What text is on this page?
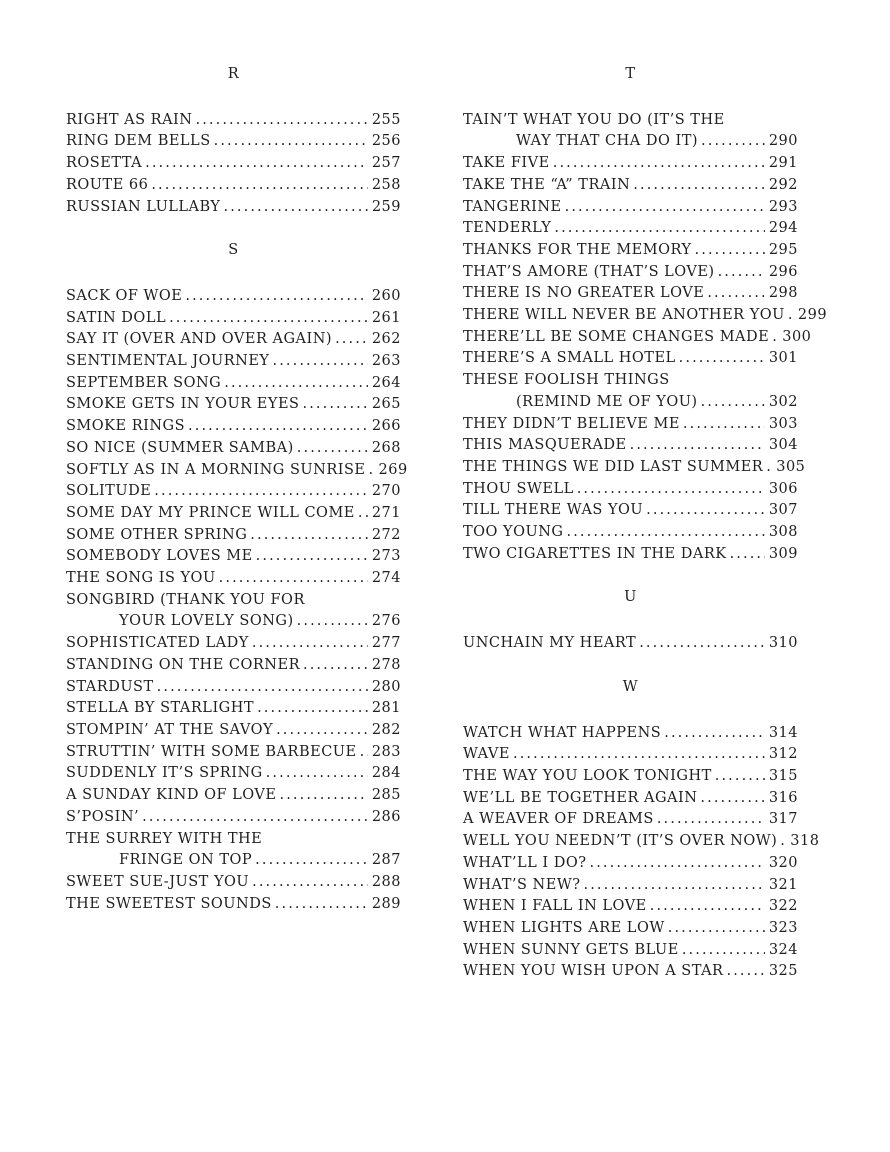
R
RIGHT AS RAIN .....	255
RING DEM BELLS .....	256
ROSETTA .....	257
ROUTE 66 .....	258
RUSSIAN LULLABY .....	259
S
SACK OF WOE .....	260
SATIN DOLL .....	261
SAY IT (OVER AND OVER AGAIN) .....	262
SENTIMENTAL JOURNEY .....	263
SEPTEMBER SONG .....	264
SMOKE GETS IN YOUR EYES .....	265
SMOKE RINGS .....	266
SO NICE (SUMMER SAMBA) .....	268
SOFTLY AS IN A MORNING SUNRISE ..... 269
SOLITUDE .....	270
SOME DAY MY PRINCE WILL COME ..... 271
SOME OTHER SPRING .....	272
SOMEBODY LOVES ME .....	273
THE SONG IS YOU .....	274
SONGBIRD (THANK YOU FOR
YOUR LOVELY SONG) .....	276
SOPHISTICATED LADY .....	277
STANDING ON THE CORNER .....	278
STARDUST .....	280
STELLA BY STARLIGHT .....	281
STOMPIN’ AT THE SAVOY .....	282
STRUTTIN’ WITH SOME BARBECUE ..... 283
SUDDENLY IT’S SPRING .....	284
A SUNDAY KIND OF LOVE .....	285
S’POSIN’ .....	286
THE SURREY WITH THE
FRINGE ON TOP .....	287
SWEET SUE-JUST YOU .....	288
THE SWEETEST SOUNDS .....	289
T
TAIN’T WHAT YOU DO (IT’S THE
WAY THAT CHA DO IT) .....	290
TAKE FIVE .....	291
TAKE THE “A” TRAIN .....	292
TANGERINE .....	293
TENDERLY .....	294
THANKS FOR THE MEMORY .....	295
THAT’S AMORE (THAT’S LOVE) .....	296
THERE IS NO GREATER LOVE .....	298
THERE WILL NEVER BE ANOTHER YOU ..... 299
THERE’LL BE SOME CHANGES MADE ..... 300
THERE’S A SMALL HOTEL .....	301
THESE FOOLISH THINGS
(REMIND ME OF YOU) .....	302
THEY DIDN’T BELIEVE ME .....	303
THIS MASQUERADE .....	304
THE THINGS WE DID LAST SUMMER ..... 305
THOU SWELL .....	306
TILL THERE WAS YOU .....	307
TOO YOUNG .....	308
TWO CIGARETTES IN THE DARK .....	309
U
UNCHAIN MY HEART .....	310
W
WATCH WHAT HAPPENS .....	314
WAVE .....	312
THE WAY YOU LOOK TONIGHT .....	315
WE’LL BE TOGETHER AGAIN .....	316
A WEAVER OF DREAMS .....	317
WELL YOU NEEDN’T (IT’S OVER NOW) ..... 318
WHAT’LL I DO? .....	320
WHAT’S NEW? .....	321
WHEN I FALL IN LOVE .....	322
WHEN LIGHTS ARE LOW .....	323
WHEN SUNNY GETS BLUE .....	324
WHEN YOU WISH UPON A STAR .....	325
